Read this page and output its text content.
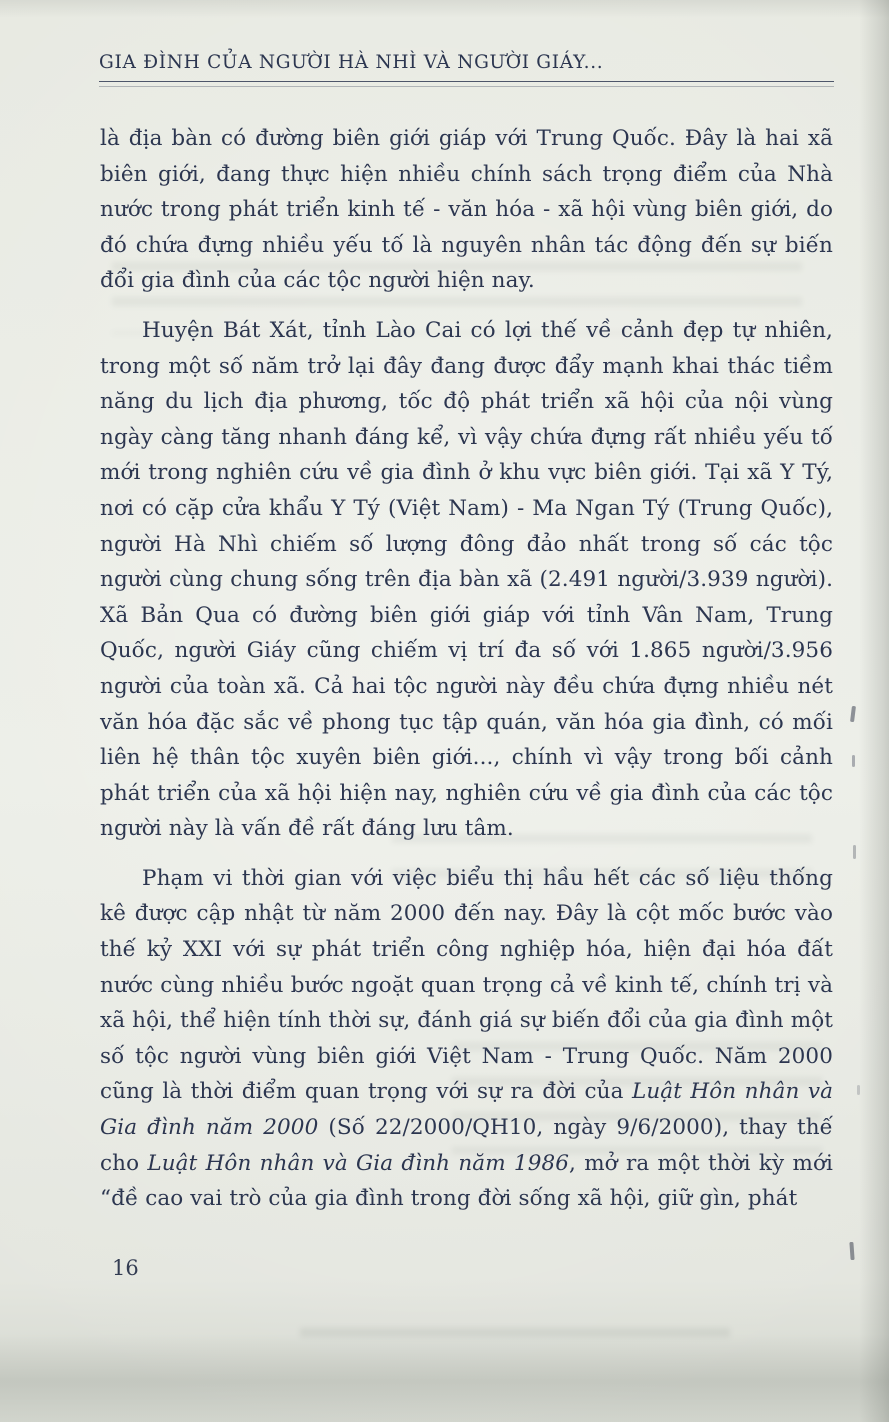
GIA ĐÌNH CỦA NGƯỜI HÀ NHÌ VÀ NGƯỜI GIÁY...

là địa bàn có đường biên giới giáp với Trung Quốc. Đây là hai xã biên giới, đang thực hiện nhiều chính sách trọng điểm của Nhà nước trong phát triển kinh tế - văn hóa - xã hội vùng biên giới, do đó chứa đựng nhiều yếu tố là nguyên nhân tác động đến sự biến đổi gia đình của các tộc người hiện nay.

Huyện Bát Xát, tỉnh Lào Cai có lợi thế về cảnh đẹp tự nhiên, trong một số năm trở lại đây đang được đẩy mạnh khai thác tiềm năng du lịch địa phương, tốc độ phát triển xã hội của nội vùng ngày càng tăng nhanh đáng kể, vì vậy chứa đựng rất nhiều yếu tố mới trong nghiên cứu về gia đình ở khu vực biên giới. Tại xã Y Tý, nơi có cặp cửa khẩu Y Tý (Việt Nam) - Ma Ngan Tý (Trung Quốc), người Hà Nhì chiếm số lượng đông đảo nhất trong số các tộc người cùng chung sống trên địa bàn xã (2.491 người/3.939 người). Xã Bản Qua có đường biên giới giáp với tỉnh Vân Nam, Trung Quốc, người Giáy cũng chiếm vị trí đa số với 1.865 người/3.956 người của toàn xã. Cả hai tộc người này đều chứa đựng nhiều nét văn hóa đặc sắc về phong tục tập quán, văn hóa gia đình, có mối liên hệ thân tộc xuyên biên giới..., chính vì vậy trong bối cảnh phát triển của xã hội hiện nay, nghiên cứu về gia đình của các tộc người này là vấn đề rất đáng lưu tâm.

Phạm vi thời gian với việc biểu thị hầu hết các số liệu thống kê được cập nhật từ năm 2000 đến nay. Đây là cột mốc bước vào thế kỷ XXI với sự phát triển công nghiệp hóa, hiện đại hóa đất nước cùng nhiều bước ngoặt quan trọng cả về kinh tế, chính trị và xã hội, thể hiện tính thời sự, đánh giá sự biến đổi của gia đình một số tộc người vùng biên giới Việt Nam - Trung Quốc. Năm 2000 cũng là thời điểm quan trọng với sự ra đời của Luật Hôn nhân và Gia đình năm 2000 (Số 22/2000/QH10, ngày 9/6/2000), thay thế cho Luật Hôn nhân và Gia đình năm 1986, mở ra một thời kỳ mới “đề cao vai trò của gia đình trong đời sống xã hội, giữ gìn, phát

16
